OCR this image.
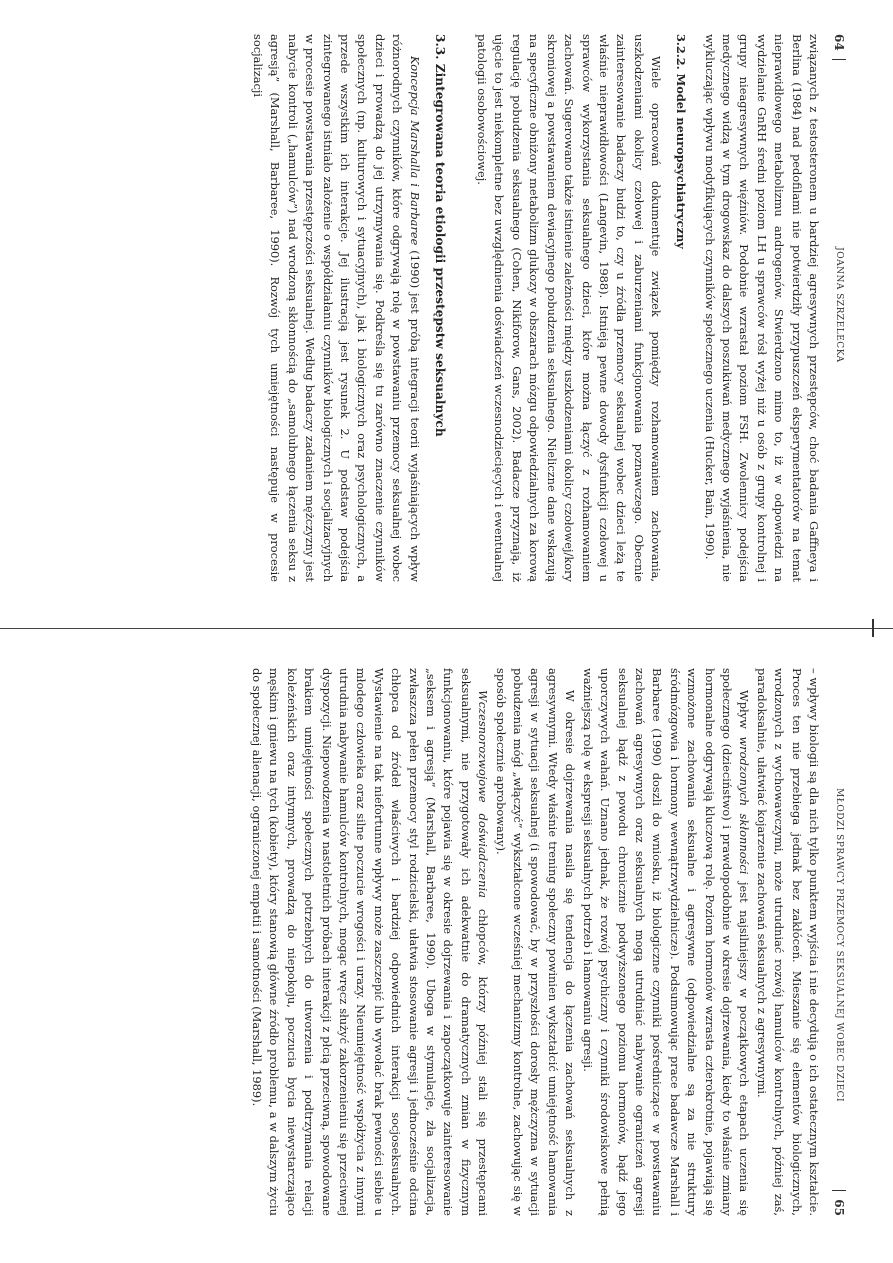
64
JOANNA SZRZELECKA

związanych z testosteronem u bardziej agresywnych przestępców, choć badania Gaffneya i Berlina (1984) nad pedofilami nie potwierdziły przypuszczeń eksperymentatorów na temat nieprawidłowego metabolizmu androgenów. Stwierdzono mimo to, iż w odpowiedzi na wydzielanie GnRH średni poziom LH u sprawców rósł wyżej niż u osób z grupy kontrolnej i grupy nieagresywnych więźniów. Podobnie wzrastał poziom FSH. Zwolennicy podejścia medycznego widzą w tym drogowskaz do dalszych poszukiwań medycznego wyjaśnienia, nie wykluczając wpływu modyfikujących czynników społecznego uczenia (Hucker, Bain, 1990).

3.2.2. Model neuropsychiatryczny

Wiele opracowań dokumentuje związek pomiędzy rozhamowaniem zachowania, uszkodzeniami okolicy czołowej i zaburzeniami funkcjonowania poznawczego. Obecnie zainteresowanie badaczy budzi to, czy u źródła przemocy seksualnej wobec dzieci leżą te właśnie nieprawidłowości (Langevin, 1988). Istnieją pewne dowody dysfunkcji czołowej u sprawców wykorzystania seksualnego dzieci, które można łączyć z rozhamowaniem zachowań. Sugerowano także istnienie zależności między uszkodzeniami okolicy czołowej/kory skroniowej a powstawaniem dewiacyjnego pobudzenia seksualnego. Nieliczne dane wskazują na specyficzne obniżony metabolizm glukozy w obszarach mózgu odpowiedzialnych za korową regulację pobudzenia seksualnego (Cohen, Nikiforow, Gans, 2002). Badacze przyznają, iż ujęcie to jest niekompletne bez uwzględnienia doświadczeń wczesnodziecięcych i ewentualnej patologii osobowościowej.

3.3. Zintegrowana teoria etiologii przestępstw seksualnych

Koncepcja Marshalla i Barbaree (1990) jest próbą integracji teorii wyjaśniających wpływ różnorodnych czynników, które odgrywają rolę w powstawaniu przemocy seksualnej wobec dzieci i prowadzą do jej utrzymywania się. Podkreśla się tu zarówno znaczenie czynników społecznych (np. kulturowych i sytuacyjnych), jak i biologicznych oraz psychologicznych, a przede wszystkim ich interakcje. Jej ilustracją jest rysunek 2. U podstaw podejścia zintegrowanego istniało założenie o współdziałaniu czynników biologicznych i socjalizacyjnych w procesie powstawania przestępczości seksualnej. Według badaczy zadaniem mężczyzny jest nabycie kontroli („hamulców”) nad wrodzoną skłonnością do „samolubnego łączenia seksu z agresją” (Marshall, Barbaree, 1990). Rozwój tych umiejętności następuje w procesie socjalizacji

MŁODZI SPRAWCY PRZEMOCY SEKSUALNEJ WOBEC DZIECI
65

– wpływy biologii są dla nich tylko punktem wyjścia i nie decydują o ich ostatecznym kształcie. Proces ten nie przebiega jednak bez zakłóceń. Mieszanie się elementów biologicznych, wrodzonych z wychowawczymi, może utrudniać rozwój hamulców kontrolnych, później zaś, paradoksalnie, ułatwiać kojarzenie zachowań seksualnych z agresywnymi.

Wpływ wrodzonych skłonności jest najsilniejszy w początkowych etapach uczenia się społecznego (dzieciństwo) i prawdopodobnie w okresie dojrzewania, kiedy to właśnie zmiany hormonalne odgrywają kluczową rolę. Poziom hormonów wzrasta czterokrotnie, pojawiają się wzmożone zachowania seksualne i agresywne (odpowiedzialne są za nie struktury śródmózgowia i hormony wewnątrzwydzielnicze). Podsumowując prace badawcze Marshall i Barbaree (1990) doszli do wniosku, iż biologiczne czynniki pośredniczące w powstawaniu zachowań agresywnych oraz seksualnych mogą utrudniać nabywanie ograniczeń agresji seksualnej bądź z powodu chronicznie podwyższonego poziomu hormonów, bądź jego uporczywych wahań. Uznano jednak, że rozwój psychiczny i czynniki środowiskowe pełnią ważniejszą rolę w ekspresji seksualnych potrzeb i hamowaniu agresji.

W okresie dojrzewania nasila się tendencja do łączenia zachowań seksualnych z agresywnymi. Wtedy właśnie trening społeczny powinien wykształcić umiejętność hamowania agresji w sytuacji seksualnej (i spowodować, by w przyszłości dorosły mężczyzna w sytuacji pobudzenia mógł „włączyć” wykształcone wcześniej mechanizmy kontrolne, zachowując się w sposób społecznie aprobowany).

Wczesnorozwojowe doświadczenia chłopców, którzy później stali się przestępcami seksualnymi, nie przygotowały ich adekwatnie do dramatycznych zmian w fizycznym funkcjonowaniu, które pojawia się w okresie dojrzewania i zapoczątkowuje zainteresowanie „seksem i agresją” (Marshall, Barbaree, 1990). Uboga w stymulacje, zła socjalizacja, zwłaszcza pełen przemocy styl rodzicielski, ułatwia stosowanie agresji i jednocześnie odcina chłopca od źródeł właściwych i bardziej odpowiednich interakcji socjoseksualnych. Wystawienie na tak niefortunne wpływy może zaszczepić lub wywołać brak pewności siebie u młodego człowieka oraz silne poczucie wrogości i urazy. Nieumiejętność współżycia z innymi utrudnia nabywanie hamulców kontrolnych, mogąc wręcz służyć zakorzenieniu się przeciwnej dyspozycji. Niepowodzenia w nastoletnich próbach interakcji z płcią przeciwną, spowodowane brakiem umiejętności społecznych potrzebnych do utworzenia i podtrzymania relacji koleżeńskich oraz intymnych, prowadzą do niepokoju, poczucia bycia niewystarczająco męskim i gniewu na tych (kobiety), który stanowią główne źródło problemu, a w dalszym życiu do społecznej alienacji, ograniczonej empatii i samotności (Marshall, 1989).
